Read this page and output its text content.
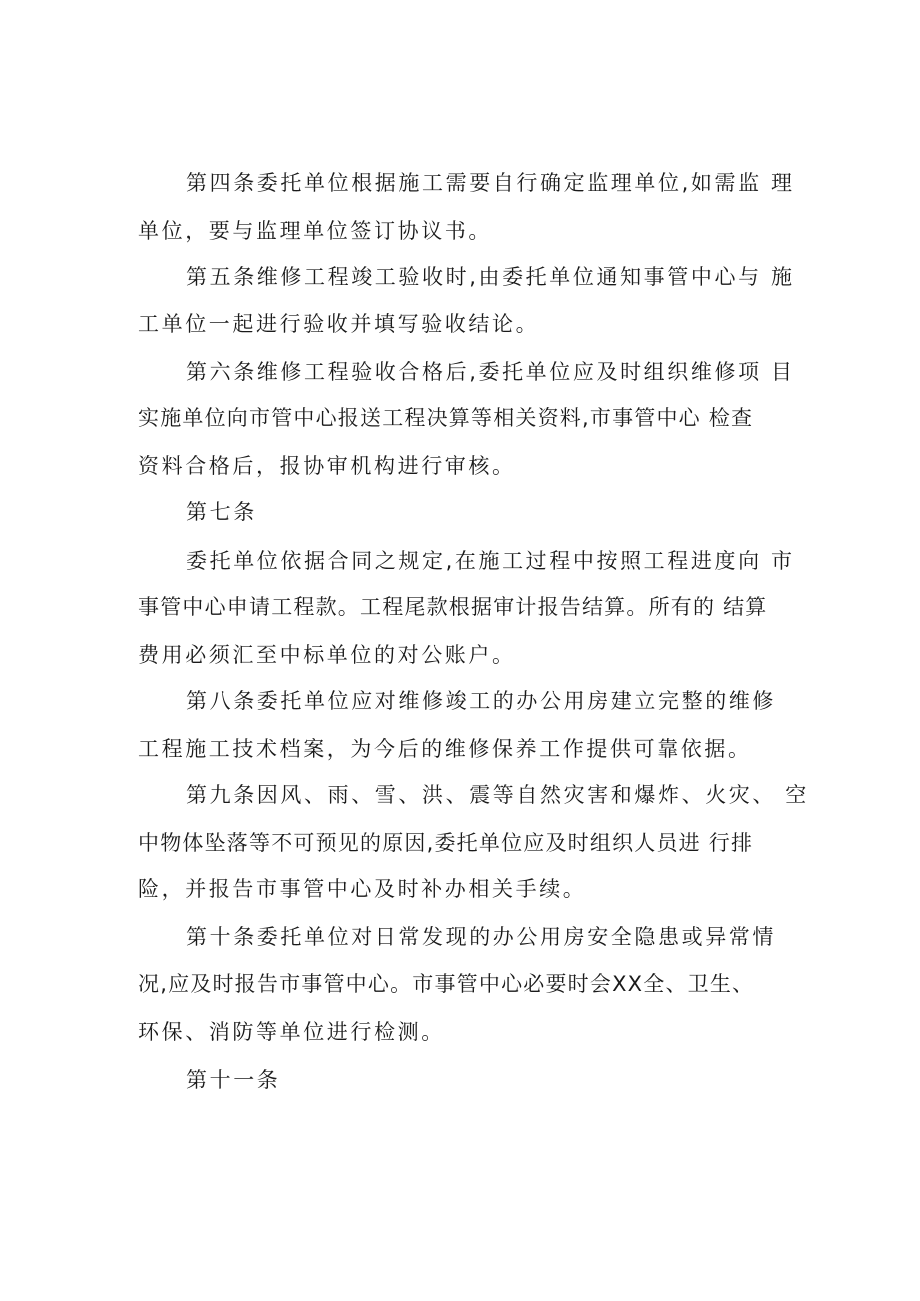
第四条委托单位根据施工需要自行确定监理单位,如需监 理
单位，要与监理单位签订协议书。
第五条维修工程竣工验收时,由委托单位通知事管中心与 施
工单位一起进行验收并填写验收结论。
第六条维修工程验收合格后,委托单位应及时组织维修项 目
实施单位向市管中心报送工程决算等相关资料,市事管中心 检查
资料合格后，报协审机构进行审核。
第七条
委托单位依据合同之规定,在施工过程中按照工程进度向 市
事管中心申请工程款。工程尾款根据审计报告结算。所有的 结算
费用必须汇至中标单位的对公账户。
第八条委托单位应对维修竣工的办公用房建立完整的维修
工程施工技术档案，为今后的维修保养工作提供可靠依据。
第九条因风、雨、雪、洪、震等自然灾害和爆炸、火灾、 空
中物体坠落等不可预见的原因,委托单位应及时组织人员进 行排
险，并报告市事管中心及时补办相关手续。
第十条委托单位对日常发现的办公用房安全隐患或异常情
况,应及时报告市事管中心。市事管中心必要时会XX全、卫生、
环保、消防等单位进行检测。
第十一条
